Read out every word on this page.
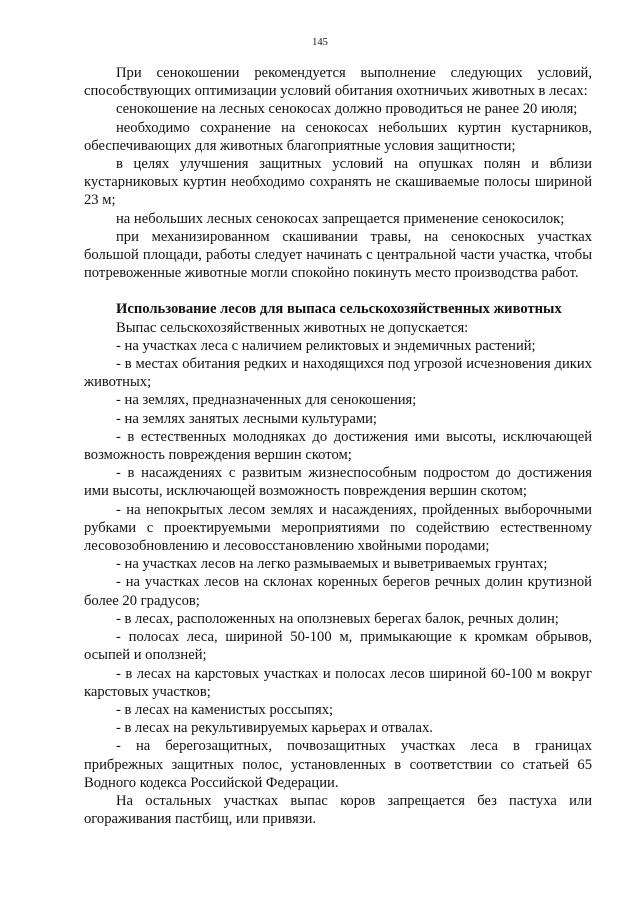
145

При сенокошении рекомендуется выполнение следующих условий, способствующих оптимизации условий обитания охотничьих животных в лесах:

сенокошение на лесных сенокосах должно проводиться не ранее 20 июля;

необходимо сохранение на сенокосах небольших куртин кустарников, обеспечивающих для животных благоприятные условия защитности;

в целях улучшения защитных условий на опушках полян и вблизи кустарниковых куртин необходимо сохранять не скашиваемые полосы шириной 23 м;

на небольших лесных сенокосах запрещается применение сенокосилок;

при механизированном скашивании травы, на сенокосных участках большой площади, работы следует начинать с центральной части участка, чтобы потревоженные животные могли спокойно покинуть место производства работ.

Использование лесов для выпаса сельскохозяйственных животных

Выпас сельскохозяйственных животных не допускается:

- на участках леса с наличием реликтовых и эндемичных растений;

- в местах обитания редких и находящихся под угрозой исчезновения диких животных;

- на землях, предназначенных для сенокошения;

- на землях занятых лесными культурами;

- в естественных молодняках до достижения ими высоты, исключающей возможность повреждения вершин скотом;

- в насаждениях с развитым жизнеспособным подростом до достижения ими высоты, исключающей возможность повреждения вершин скотом;

- на непокрытых лесом землях и насаждениях, пройденных выборочными рубками с проектируемыми мероприятиями по содействию естественному лесовозобновлению и лесовосстановлению хвойными породами;

- на участках лесов на легко размываемых и выветриваемых грунтах;

- на участках лесов на склонах коренных берегов речных долин крутизной более 20 градусов;

- в лесах, расположенных на оползневых берегах балок, речных долин;

- полосах леса, шириной 50-100 м, примыкающие к кромкам обрывов, осыпей и оползней;

- в лесах на карстовых участках и полосах лесов шириной 60-100 м вокруг карстовых участков;

- в лесах на каменистых россыпях;

- в лесах на рекультивируемых карьерах и отвалах.

- на берегозащитных, почвозащитных участках леса в границах прибрежных защитных полос, установленных в соответствии со статьей 65 Водного кодекса Российской Федерации.

На остальных участках выпас коров запрещается без пастуха или огораживания пастбищ, или привязи.
